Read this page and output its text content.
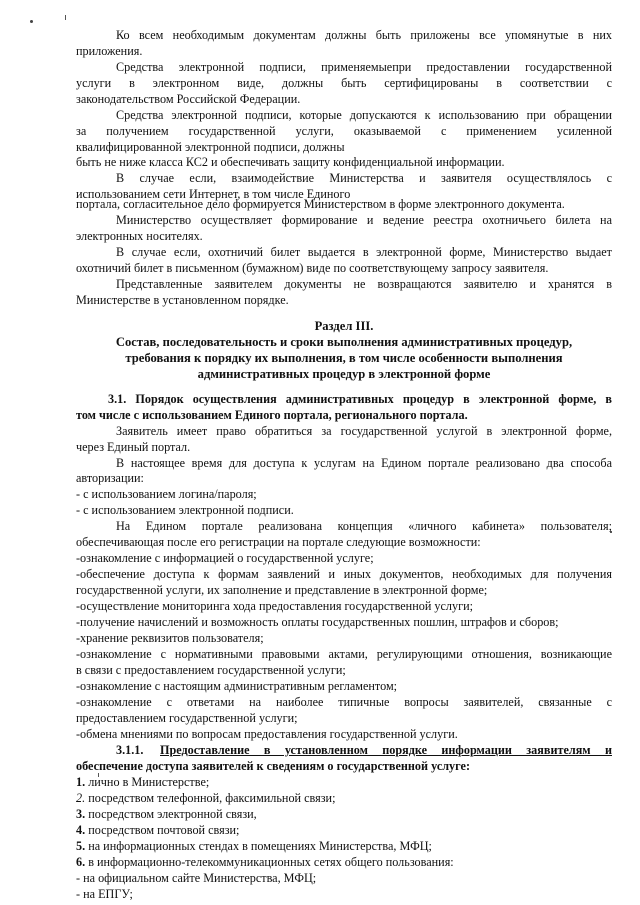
Ко всем необходимым документам должны быть приложены все упомянутые в них
приложения.
Средства электронной подписи, применяемыепри предоставлении государственной
услуги в электронном виде, должны быть сертифицированы в соответствии с
законодательством Российской Федерации.
Средства электронной подписи, которые допускаются к использованию при обращении
за получением государственной услуги, оказываемой с применением усиленной
квалифицированной электронной подписи, должны
быть не ниже класса КС2 и обеспечивать защиту конфиденциальной информации.
В случае если, взаимодействие Министерства и заявителя осуществлялось с
использованием сети Интернет, в том числе Единого
портала, согласительное дело формируется Министерством в форме электронного документа.
Министерство осуществляет формирование и ведение реестра охотничьего билета на
электронных носителях.
В случае если, охотничий билет выдается в электронной форме, Министерство выдает
охотничий билет в письменном (бумажном) виде по соответствующему запросу заявителя.
Представленные заявителем документы не возвращаются заявителю и хранятся в
Министерстве в установленном порядке.
Раздел III.
Состав, последовательность и сроки выполнения административных процедур,
требования к порядку их выполнения, в том числе особенности выполнения
административных процедур в электронной форме
3.1. Порядок осуществления административных процедур в электронной форме, в
том числе с использованием Единого портала, регионального портала.
Заявитель имеет право обратиться за государственной услугой в электронной форме,
через Единый портал.
В настоящее время для доступа к услугам на Едином портале реализовано два способа
авторизации:
- с использованием логина/пароля;
- с использованием электронной подписи.
На Едином портале реализована концепция «личного кабинета» пользователя;
обеспечивающая после его регистрации на портале следующие возможности:
-ознакомление с информацией о государственной услуге;
-обеспечение доступа к формам заявлений и иных документов, необходимых для получения
государственной услуги, их заполнение и представление в электронной форме;
-осуществление мониторинга хода предоставления государственной услуги;
-получение начислений и возможность оплаты государственных пошлин, штрафов и сборов;
-хранение реквизитов пользователя;
-ознакомление с нормативными правовыми актами, регулирующими отношения, возникающие
в связи с предоставлением государственной услуги;
-ознакомление с настоящим административным регламентом;
-ознакомление с ответами на наиболее типичные вопросы заявителей, связанные с
предоставлением государственной услуги;
-обмена мнениями по вопросам предоставления государственной услуги.
3.1.1. Предоставление в установленном порядке информации заявителям и
обеспечение доступа заявителей к сведениям о государственной услуге:
1. лично в Министерстве;
2. посредством телефонной, факсимильной связи;
3. посредством электронной связи,
4. посредством почтовой связи;
5. на информационных стендах в помещениях Министерства, МФЦ;
6. в информационно-телекоммуникационных сетях общего пользования:
- на официальном сайте Министерства, МФЦ;
- на ЕПГУ;
